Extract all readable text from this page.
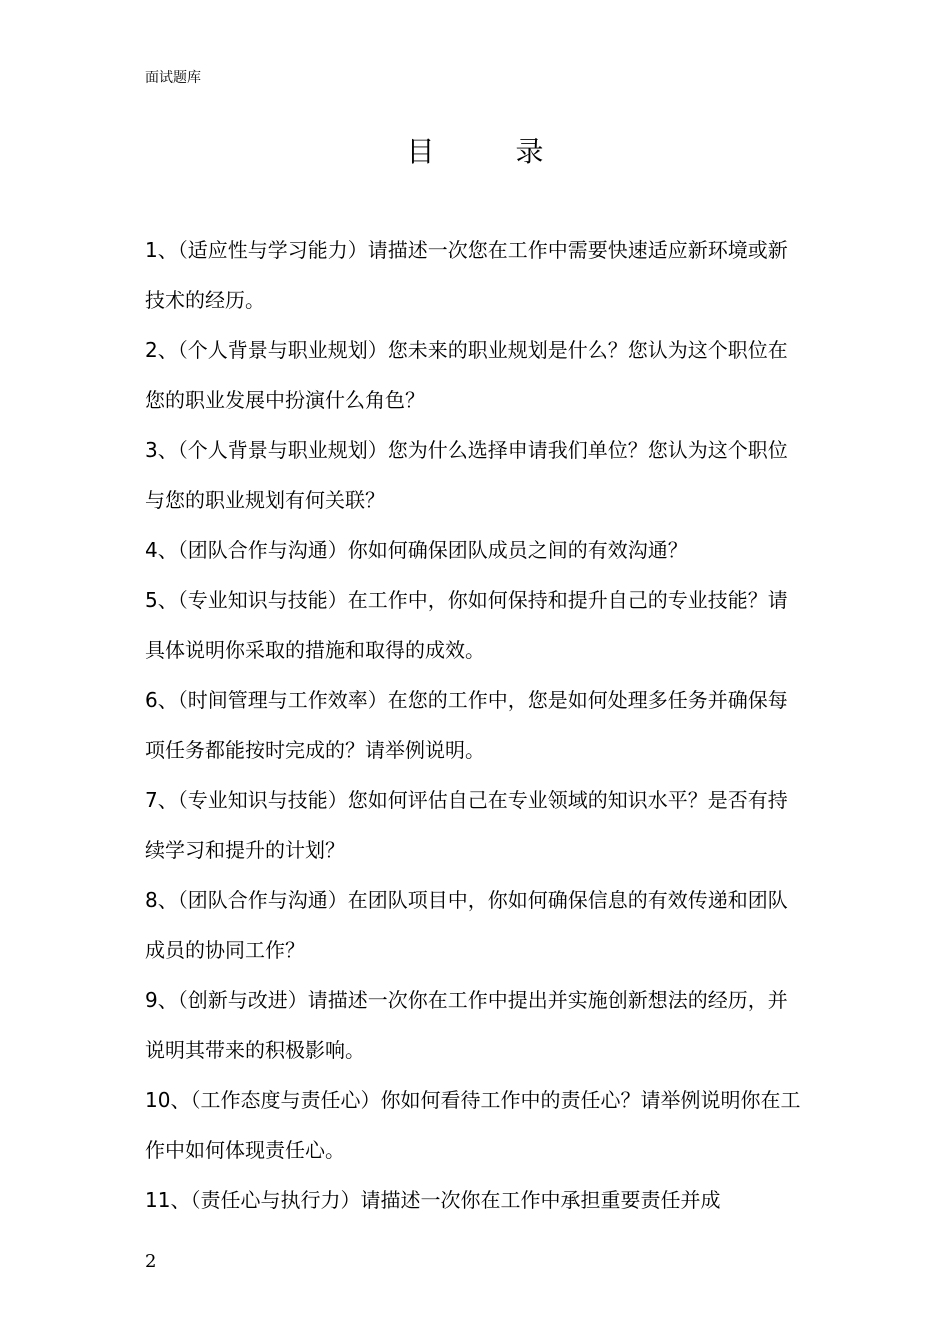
面试题库
目 录

1、（适应性与学习能力）请描述一次您在工作中需要快速适应新环境或新技术的经历。

2、（个人背景与职业规划）您未来的职业规划是什么？您认为这个职位在您的职业发展中扮演什么角色？

3、（个人背景与职业规划）您为什么选择申请我们单位？您认为这个职位与您的职业规划有何关联？

4、（团队合作与沟通）你如何确保团队成员之间的有效沟通？

5、（专业知识与技能）在工作中，你如何保持和提升自己的专业技能？请具体说明你采取的措施和取得的成效。

6、（时间管理与工作效率）在您的工作中，您是如何处理多任务并确保每项任务都能按时完成的？请举例说明。

7、（专业知识与技能）您如何评估自己在专业领域的知识水平？是否有持续学习和提升的计划？

8、（团队合作与沟通）在团队项目中，你如何确保信息的有效传递和团队成员的协同工作？

9、（创新与改进）请描述一次你在工作中提出并实施创新想法的经历，并说明其带来的积极影响。

10、（工作态度与责任心）你如何看待工作中的责任心？请举例说明你在工作中如何体现责任心。

11、（责任心与执行力）请描述一次你在工作中承担重要责任并成

2
